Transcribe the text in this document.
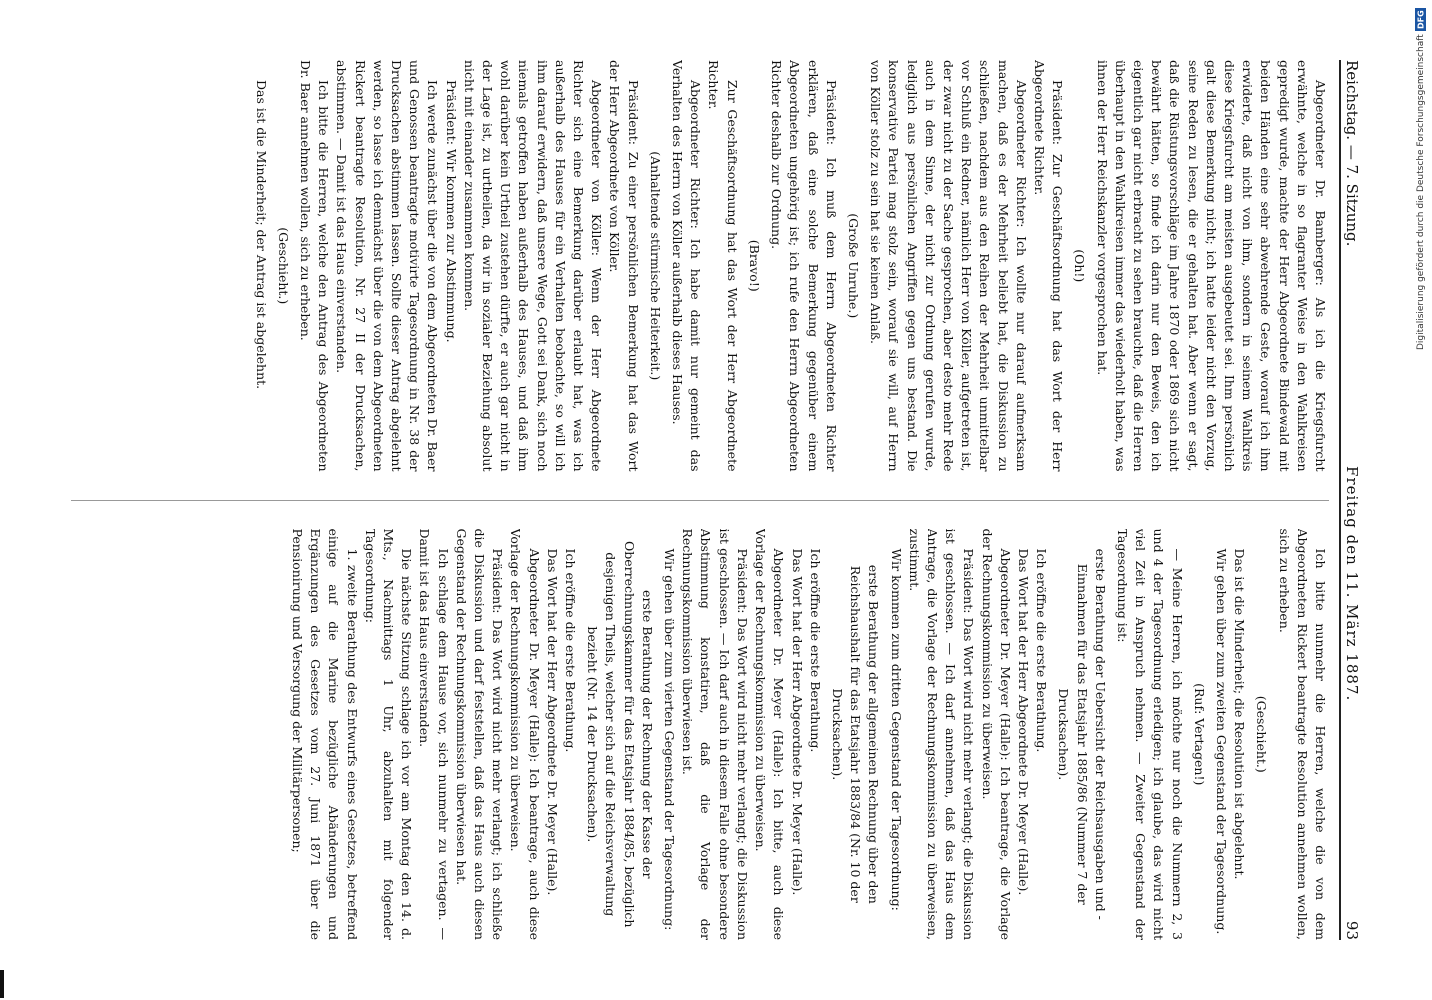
Digitalisierung gefördert durch die Deutsche Forschungsgemeinschaft
DFG
Reichstag. — 7. Sitzung.
Freitag den 11. März 1887.
93

Abgeordneter Dr. Bamberger: Als ich die Kriegsfurcht erwähnte, welche in so flagranter Weise in den Wahlkreisen gepredigt wurde, machte der Herr Abgeordnete Bindewald mit beiden Händen eine sehr abwehrende Geste, worauf ich ihm erwiderte, daß nicht von ihm, sondern in seinem Wahlkreis diese Kriegsfurcht am meisten ausgebeutet sei. Ihm persönlich galt diese Bemerkung nicht; ich hatte leider nicht den Vorzug, seine Reden zu lesen, die er gehalten hat. Aber wenn er sagt, daß die Rüstungsvorschläge im Jahre 1870 oder 1869 sich nicht bewährt hätten, so finde ich darin nur den Beweis, den ich eigentlich gar nicht erbracht zu sehen brauchte, daß die Herren überhaupt in den Wahlkreisen immer das wiederholt haben, was ihnen der Herr Reichskanzler vorgesprochen hat.

(Oh!)

Präsident: Zur Geschäftsordnung hat das Wort der Herr Abgeordnete Richter.

Abgeordneter Richter: Ich wollte nur darauf aufmerksam machen, daß es der Mehrheit beliebt hat, die Diskussion zu schließen, nachdem aus den Reihen der Mehrheit unmittelbar vor Schluß ein Redner, nämlich Herr von Köller, aufgetreten ist, der zwar nicht zu der Sache gesprochen, aber desto mehr Rede auch in dem Sinne, der nicht zur Ordnung gerufen wurde, lediglich aus persönlichen Angriffen gegen uns bestand. Die konservative Partei mag stolz sein, worauf sie will, auf Herrn von Köller stolz zu sein hat sie keinen Anlaß.

(Große Unruhe.)

Präsident: Ich muß dem Herrn Abgeordneten Richter erklären, daß eine solche Bemerkung gegenüber einem Abgeordneten ungehörig ist; ich rufe den Herrn Abgeordneten Richter deshalb zur Ordnung.

(Bravo!)

Zur Geschäftsordnung hat das Wort der Herr Abgeordnete Richter.

Abgeordneter Richter: Ich habe damit nur gemeint das Verhalten des Herrn von Köller außerhalb dieses Hauses.

(Anhaltende stürmische Heiterkeit.)

Präsident: Zu einer persönlichen Bemerkung hat das Wort der Herr Abgeordnete von Köller.

Abgeordneter von Köller: Wenn der Herr Abgeordnete Richter sich eine Bemerkung darüber erlaubt hat, was ich außerhalb des Hauses für ein Verhalten beobachte, so will ich ihm darauf erwidern, daß unsere Wege, Gott sei Dank, sich noch niemals getroffen haben außerhalb des Hauses, und daß ihm wohl darüber kein Urtheil zustehen dürfte, er auch gar nicht in der Lage ist, zu urtheilen, da wir in sozialer Beziehung absolut nicht mit einander zusammen kommen.

Präsident: Wir kommen zur Abstimmung.

Ich werde zunächst über die von dem Abgeordneten Dr. Baer und Genossen beantragte motivirte Tagesordnung in Nr. 38 der Drucksachen abstimmen lassen. Sollte dieser Antrag abgelehnt werden, so lasse ich demnächst über die von dem Abgeordneten Rickert beantragte Resolution, Nr. 27 II der Drucksachen, abstimmen. — Damit ist das Haus einverstanden.

Ich bitte die Herren, welche den Antrag des Abgeordneten Dr. Baer annehmen wollen, sich zu erheben.

(Geschieht.)

Das ist die Minderheit; der Antrag ist abgelehnt.

Ich bitte nunmehr die Herren, welche die von dem Abgeordneten Rickert beantragte Resolution annehmen wollen, sich zu erheben.

(Geschieht.)

Das ist die Minderheit; die Resolution ist abgelehnt.

Wir gehen über zum zweiten Gegenstand der Tagesordnung.

(Ruf: Vertagen!)

— Meine Herren, ich möchte nur noch die Nummern 2, 3 und 4 der Tagesordnung erledigen; ich glaube, das wird nicht viel Zeit in Anspruch nehmen. — Zweiter Gegenstand der Tagesordnung ist:

erste Berathung der Uebersicht der Reichsausgaben und -Einnahmen für das Etatsjahr 1885/86 (Nummer 7 der Drucksachen).

Ich eröffne die erste Berathung.

Das Wort hat der Herr Abgeordnete Dr. Meyer (Halle).

Abgeordneter Dr. Meyer (Halle): Ich beantrage, die Vorlage der Rechnungskommission zu überweisen.

Präsident: Das Wort wird nicht mehr verlangt; die Diskussion ist geschlossen. — Ich darf annehmen, daß das Haus dem Antrage, die Vorlage der Rechnungskommission zu überweisen, zustimmt.

Wir kommen zum dritten Gegenstand der Tagesordnung:

erste Berathung der allgemeinen Rechnung über den Reichshaushalt für das Etatsjahr 1883/84 (Nr. 10 der Drucksachen).

Ich eröffne die erste Berathung.

Das Wort hat der Herr Abgeordnete Dr. Meyer (Halle).

Abgeordneter Dr. Meyer (Halle): Ich bitte, auch diese Vorlage der Rechnungskommission zu überweisen.

Präsident: Das Wort wird nicht mehr verlangt; die Diskussion ist geschlossen. — Ich darf auch in diesem Falle ohne besondere Abstimmung konstatiren, daß die Vorlage der Rechnungskommission überwiesen ist.

Wir gehen über zum vierten Gegenstand der Tagesordnung:

erste Berathung der Rechnung der Kasse der Oberrechnungskammer für das Etatsjahr 1884/85, bezüglich desjenigen Theils, welcher sich auf die Reichsverwaltung bezieht (Nr. 14 der Drucksachen).

Ich eröffne die erste Berathung.

Das Wort hat der Herr Abgeordnete Dr. Meyer (Halle).

Abgeordneter Dr. Meyer (Halle): Ich beantrage, auch diese Vorlage der Rechnungskommission zu überweisen.

Präsident: Das Wort wird nicht mehr verlangt; ich schließe die Diskussion und darf feststellen, daß das Haus auch diesen Gegenstand der Rechnungskommission überwiesen hat.

Ich schlage dem Hause vor, sich nunmehr zu vertagen. — Damit ist das Haus einverstanden.

Die nächste Sitzung schlage ich vor am Montag den 14. d. Mts., Nachmittags 1 Uhr, abzuhalten mit folgender Tagesordnung:

1. zweite Berathung des Entwurfs eines Gesetzes, betreffend einige auf die Marine bezügliche Abänderungen und Ergänzungen des Gesetzes vom 27. Juni 1871 über die Pensionirung und Versorgung der Militärpersonen;
